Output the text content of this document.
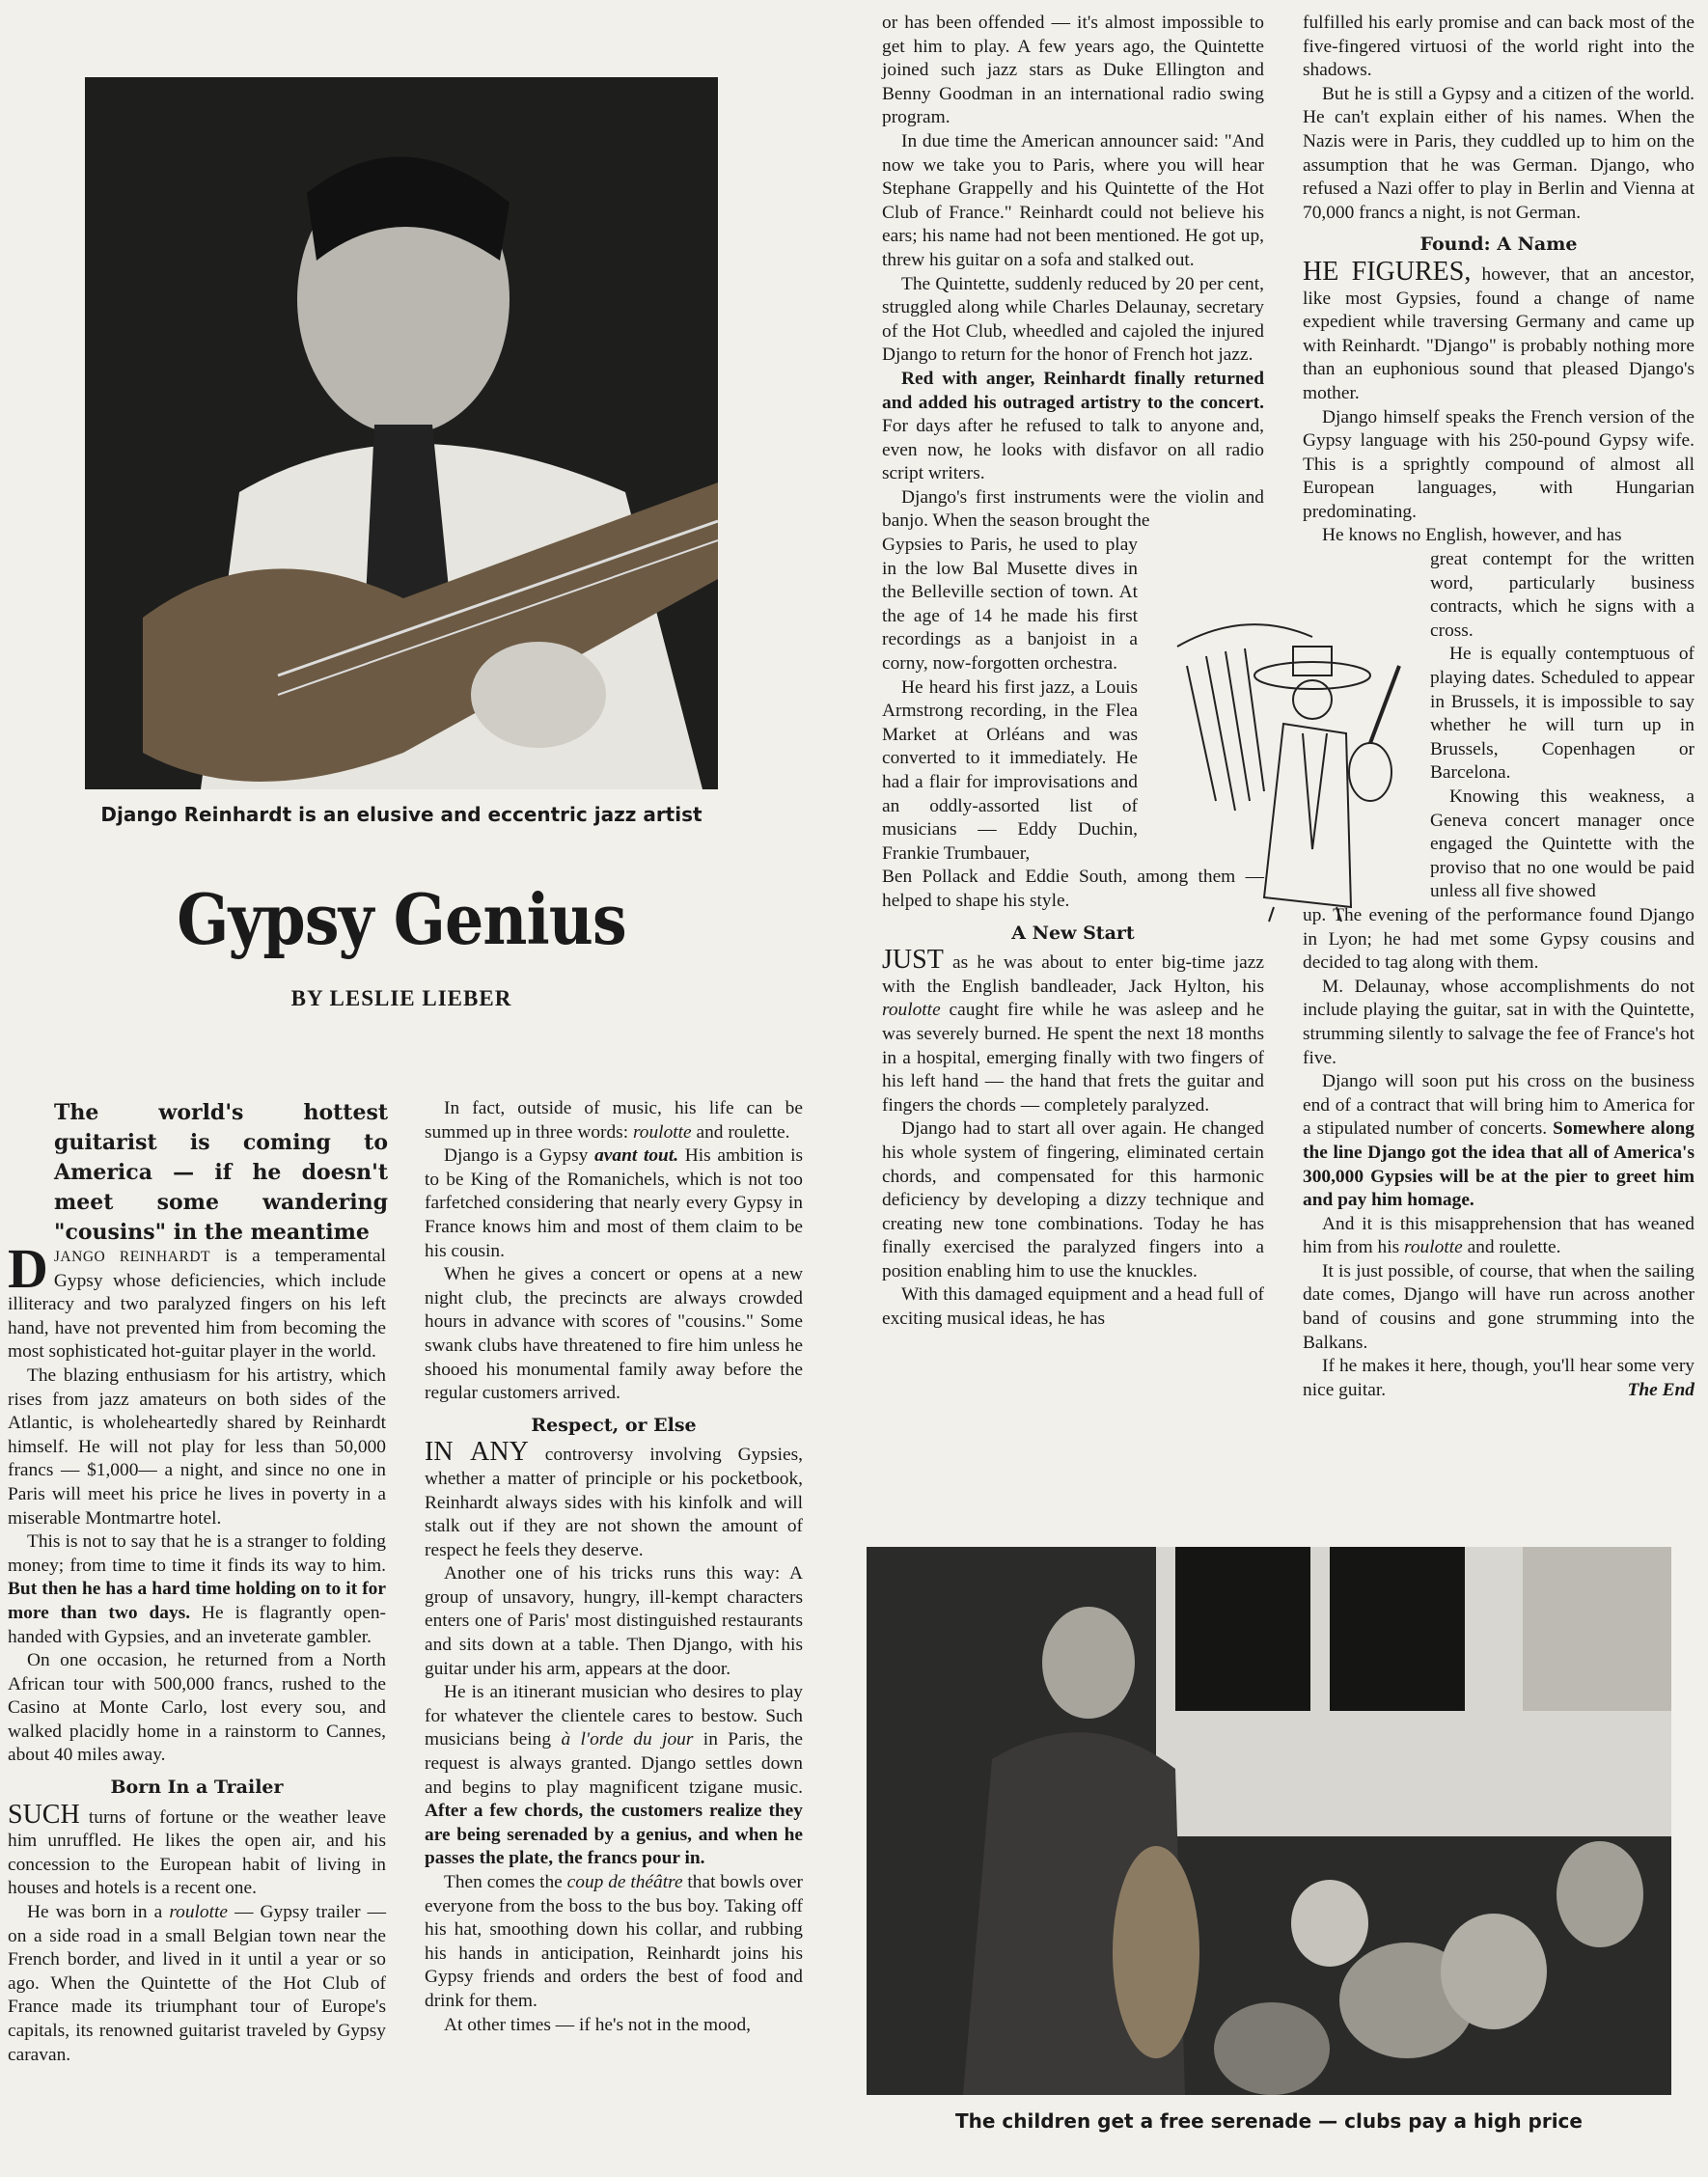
Django Reinhardt is an elusive and eccentric jazz artist
Gypsy Genius
BY LESLIE LIEBER
The world's hottest guitarist is coming to America — if he doesn't meet some wandering "cousins" in the meantime

DJANGO REINHARDT is a temperamental Gypsy whose deficiencies, which include illiteracy and two paralyzed fingers on his left hand, have not prevented him from becoming the most sophisticated hot-guitar player in the world.

The blazing enthusiasm for his artistry, which rises from jazz amateurs on both sides of the Atlantic, is wholeheartedly shared by Reinhardt himself. He will not play for less than 50,000 francs — $1,000— a night, and since no one in Paris will meet his price he lives in poverty in a miserable Montmartre hotel.

This is not to say that he is a stranger to folding money; from time to time it finds its way to him. But then he has a hard time holding on to it for more than two days. He is flagrantly open-handed with Gypsies, and an inveterate gambler.

On one occasion, he returned from a North African tour with 500,000 francs, rushed to the Casino at Monte Carlo, lost every sou, and walked placidly home in a rainstorm to Cannes, about 40 miles away.

Born In a Trailer

SUCH turns of fortune or the weather leave him unruffled. He likes the open air, and his concession to the European habit of living in houses and hotels is a recent one.

He was born in a roulotte — Gypsy trailer — on a side road in a small Belgian town near the French border, and lived in it until a year or so ago. When the Quintette of the Hot Club of France made its triumphant tour of Europe's capitals, its renowned guitarist traveled by Gypsy caravan.

In fact, outside of music, his life can be summed up in three words: roulotte and roulette.

Django is a Gypsy avant tout. His ambition is to be King of the Romanichels, which is not too farfetched considering that nearly every Gypsy in France knows him and most of them claim to be his cousin.

When he gives a concert or opens at a new night club, the precincts are always crowded hours in advance with scores of "cousins." Some swank clubs have threatened to fire him unless he shooed his monumental family away before the regular customers arrived.

Respect, or Else

IN ANY controversy involving Gypsies, whether a matter of principle or his pocketbook, Reinhardt always sides with his kinfolk and will stalk out if they are not shown the amount of respect he feels they deserve.

Another one of his tricks runs this way: A group of unsavory, hungry, ill-kempt characters enters one of Paris' most distinguished restaurants and sits down at a table. Then Django, with his guitar under his arm, appears at the door.

He is an itinerant musician who desires to play for whatever the clientele cares to bestow. Such musicians being à l'orde du jour in Paris, the request is always granted. Django settles down and begins to play magnificent tzigane music. After a few chords, the customers realize they are being serenaded by a genius, and when he passes the plate, the francs pour in.

Then comes the coup de théâtre that bowls over everyone from the boss to the bus boy. Taking off his hat, smoothing down his collar, and rubbing his hands in anticipation, Reinhardt joins his Gypsy friends and orders the best of food and drink for them.

At other times — if he's not in the mood,

or has been offended — it's almost impossible to get him to play. A few years ago, the Quintette joined such jazz stars as Duke Ellington and Benny Goodman in an international radio swing program.

In due time the American announcer said: "And now we take you to Paris, where you will hear Stephane Grappelly and his Quintette of the Hot Club of France." Reinhardt could not believe his ears; his name had not been mentioned. He got up, threw his guitar on a sofa and stalked out.

The Quintette, suddenly reduced by 20 per cent, struggled along while Charles Delaunay, secretary of the Hot Club, wheedled and cajoled the injured Django to return for the honor of French hot jazz.

Red with anger, Reinhardt finally returned and added his outraged artistry to the concert. For days after he refused to talk to anyone and, even now, he looks with disfavor on all radio script writers.

Django's first instruments were the violin and banjo. When the season brought the

Gypsies to Paris, he used to play in the low Bal Musette dives in the Belleville section of town. At the age of 14 he made his first recordings as a banjoist in a corny, now-forgotten orchestra.

He heard his first jazz, a Louis Armstrong recording, in the Flea Market at Orléans and was converted to it immediately. He had a flair for improvisations and an oddly-assorted list of musicians — Eddy Duchin, Frankie Trumbauer,

Ben Pollack and Eddie South, among them — helped to shape his style.

A New Start

JUST as he was about to enter big-time jazz with the English bandleader, Jack Hylton, his roulotte caught fire while he was asleep and he was severely burned. He spent the next 18 months in a hospital, emerging finally with two fingers of his left hand — the hand that frets the guitar and fingers the chords — completely paralyzed.

Django had to start all over again. He changed his whole system of fingering, eliminated certain chords, and compensated for this harmonic deficiency by developing a dizzy technique and creating new tone combinations. Today he has finally exercised the paralyzed fingers into a position enabling him to use the knuckles.

With this damaged equipment and a head full of exciting musical ideas, he has

fulfilled his early promise and can back most of the five-fingered virtuosi of the world right into the shadows.

But he is still a Gypsy and a citizen of the world. He can't explain either of his names. When the Nazis were in Paris, they cuddled up to him on the assumption that he was German. Django, who refused a Nazi offer to play in Berlin and Vienna at 70,000 francs a night, is not German.

Found: A Name

HE FIGURES, however, that an ancestor, like most Gypsies, found a change of name expedient while traversing Germany and came up with Reinhardt. "Django" is probably nothing more than an euphonious sound that pleased Django's mother.

Django himself speaks the French version of the Gypsy language with his 250-pound Gypsy wife. This is a sprightly compound of almost all European languages, with Hungarian predominating.

He knows no English, however, and has

great contempt for the written word, particularly business contracts, which he signs with a cross.

He is equally contemptuous of playing dates. Scheduled to appear in Brussels, it is impossible to say whether he will turn up in Brussels, Copenhagen or Barcelona.

Knowing this weakness, a Geneva concert manager once engaged the Quintette with the proviso that no one would be paid unless all five showed

up. The evening of the performance found Django in Lyon; he had met some Gypsy cousins and decided to tag along with them.

M. Delaunay, whose accomplishments do not include playing the guitar, sat in with the Quintette, strumming silently to salvage the fee of France's hot five.

Django will soon put his cross on the business end of a contract that will bring him to America for a stipulated number of concerts. Somewhere along the line Django got the idea that all of America's 300,000 Gypsies will be at the pier to greet him and pay him homage.

And it is this misapprehension that has weaned him from his roulotte and roulette.

It is just possible, of course, that when the sailing date comes, Django will have run across another band of cousins and gone strumming into the Balkans.

If he makes it here, though, you'll hear some very nice guitar.	The End

The children get a free serenade — clubs pay a high price
